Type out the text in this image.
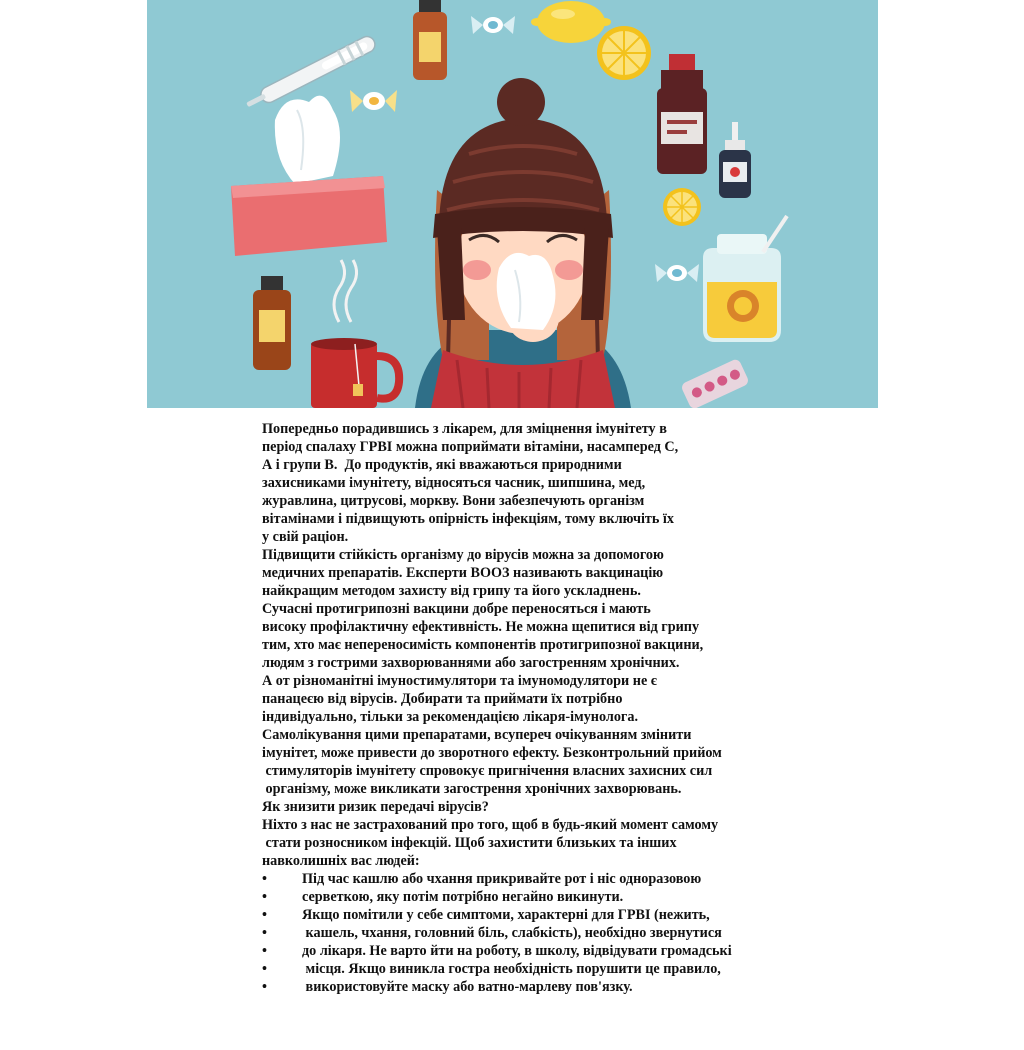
Попередньо порадившись з лікарем, для зміцнення імунітету в
період спалаху ГРВІ можна поприймати вітаміни, насамперед С,
А і групи В.  До продуктів, які вважаються природними
захисниками імунітету, відносяться часник, шипшина, мед,
журавлина, цитрусові, моркву. Вони забезпечують організм
вітамінами і підвищують опірність інфекціям, тому включіть їх
у свій раціон.
Підвищити стійкість організму до вірусів можна за допомогою
медичних препаратів. Експерти ВООЗ називають вакцинацію
найкращим методом захисту від грипу та його ускладнень.
Сучасні протигрипозні вакцини добре переносяться і мають
високу профілактичну ефективність. Не можна щепитися від грипу
тим, хто має непереносимість компонентів протигрипозної вакцини,
людям з гострими захворюваннями або загостренням хронічних.
А от різноманітні імуностимулятори та імуномодулятори не є
панацеєю від вірусів. Добирати та приймати їх потрібно
індивідуально, тільки за рекомендацією лікаря-імунолога.
Самолікування цими препаратами, всупереч очікуванням змінити
імунітет, може привести до зворотного ефекту. Безконтрольний прийом
стимуляторів імунітету спровокує пригнічення власних захисних сил
організму, може викликати загострення хронічних захворювань.
Як знизити ризик передачі вірусів?
Ніхто з нас не застрахований про того, щоб в будь-який момент самому
стати розносником інфекцій. Щоб захистити близьких та інших
навколишніх вас людей:

•

Під час кашлю або чхання прикривайте рот і ніс одноразовою

•

серветкою, яку потім потрібно негайно викинути.

•

Якщо помітили у себе симптоми, характерні для ГРВІ (нежить,

•

кашель, чхання, головний біль, слабкість), необхідно звернутися

•

до лікаря. Не варто йти на роботу, в школу, відвідувати громадські

•

місця. Якщо виникла гостра необхідність порушити це правило,

•

використовуйте маску або ватно-марлеву пов'язку.
